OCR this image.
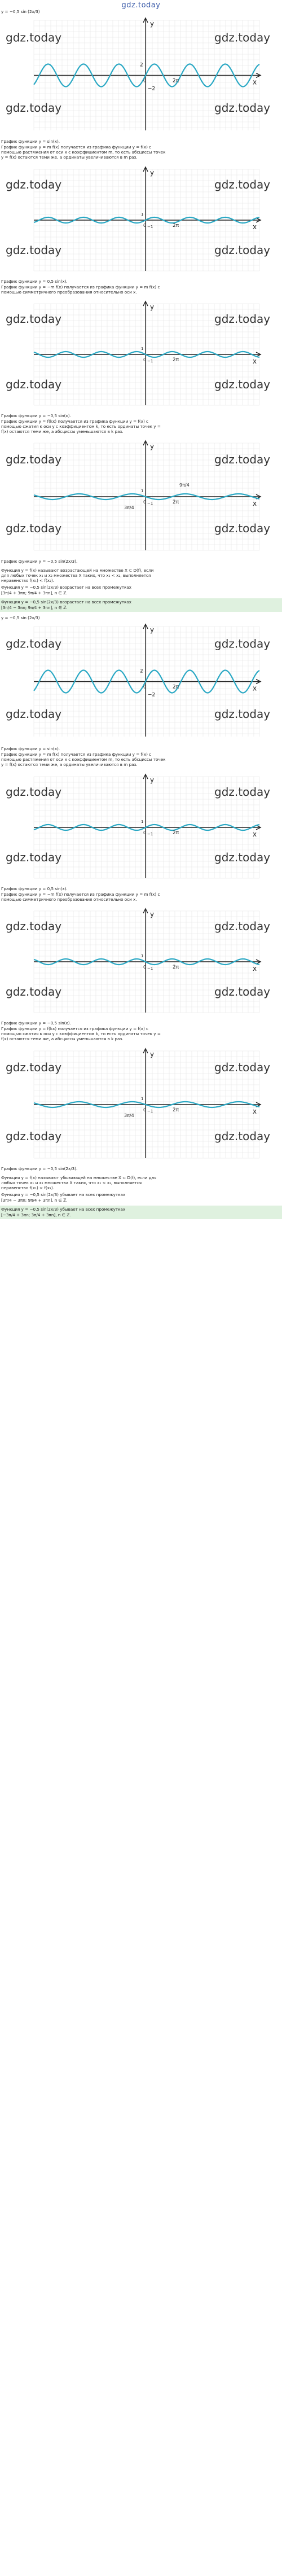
gdz.today
y = −0,5 sin (2x/3)
y
x
2
−2
2π
0
gdz.today	gdz.today
gdz.today	gdz.today
График функции y = sin(x).
График функции y = m f(x) получается из графика функции y = f(x) с
помощью растяжения от оси x с коэффициентом m, то есть абсциссы точек
y = f(x) остаются теми же, а ординаты увеличиваются в m раз.
y
x
1
−1	2π
0
gdz.today	gdz.today
gdz.today	gdz.today
График функции y = 0,5 sin(x).
График функции y = −m f(x) получается из графика функции y = m f(x) с
помощью симметричного преобразования относительно оси x.
y
x
1
−1	2π
0
gdz.today	gdz.today
gdz.today	gdz.today
График функции y = −0,5 sin(x).
График функции y = f(kx) получается из графика функции y = f(x) с
помощью сжатия к оси y с коэффициентом k, то есть ординаты точек y =
f(x) остаются теми же, а абсциссы уменьшаются в k раз.
y
x
1
−1	2π
0
9π/4
3π/4
gdz.today	gdz.today
gdz.today	gdz.today
График функции y = −0,5 sin(2x/3).
Функция y = f(x) называют возрастающей на множестве X ⊂ D(f), если
для любых точек x₁ и x₂ множества X таких, что x₁ < x₂, выполняется
неравенство f(x₁) < f(x₂).
Функция y = −0,5 sin(2x/3) возрастает на всех промежутках
[3π/4 + 3πn; 9π/4 + 3πn], n ∈ ℤ.
Функция y = −0,5 sin(2x/3) возрастает на всех промежутках
[3π/4 − 3πn; 9π/4 + 3πn], n ∈ ℤ.
y = −0,5 sin (2x/3)
y
x
2
−2
2π
0
gdz.today	gdz.today
gdz.today	gdz.today
График функции y = sin(x).
График функции y = m f(x) получается из графика функции y = f(x) с
помощью растяжения от оси x с коэффициентом m, то есть абсциссы точек
y = f(x) остаются теми же, а ординаты увеличиваются в m раз.
y
x
1
−1	2π
0
gdz.today	gdz.today
gdz.today	gdz.today
График функции y = 0,5 sin(x).
График функции y = −m f(x) получается из графика функции y = m f(x) с
помощью симметричного преобразования относительно оси x.
y
x
1
−1	2π
0
gdz.today	gdz.today
gdz.today	gdz.today
График функции y = −0,5 sin(x).
График функции y = f(kx) получается из графика функции y = f(x) с
помощью сжатия к оси y с коэффициентом k, то есть ординаты точек y =
f(x) остаются теми же, а абсциссы уменьшаются в k раз.
y
x
1
−1	2π
0
3π/4
gdz.today	gdz.today
gdz.today	gdz.today
График функции y = −0,5 sin(2x/3).
Функция y = f(x) называют убывающей на множестве X ⊂ D(f), если для
любых точек x₁ и x₂ множества X таких, что x₁ < x₂, выполняется
неравенство f(x₁) > f(x₂).
Функция y = −0,5 sin(2x/3) убывает на всех промежутках
[3π/4 − 3πn; 9π/4 + 3πn], n ∈ ℤ.
Функция y = −0,5 sin(2x/3) убывает на всех промежутках
[−3π/4 + 3πn; 3π/4 + 3πn], n ∈ ℤ.
